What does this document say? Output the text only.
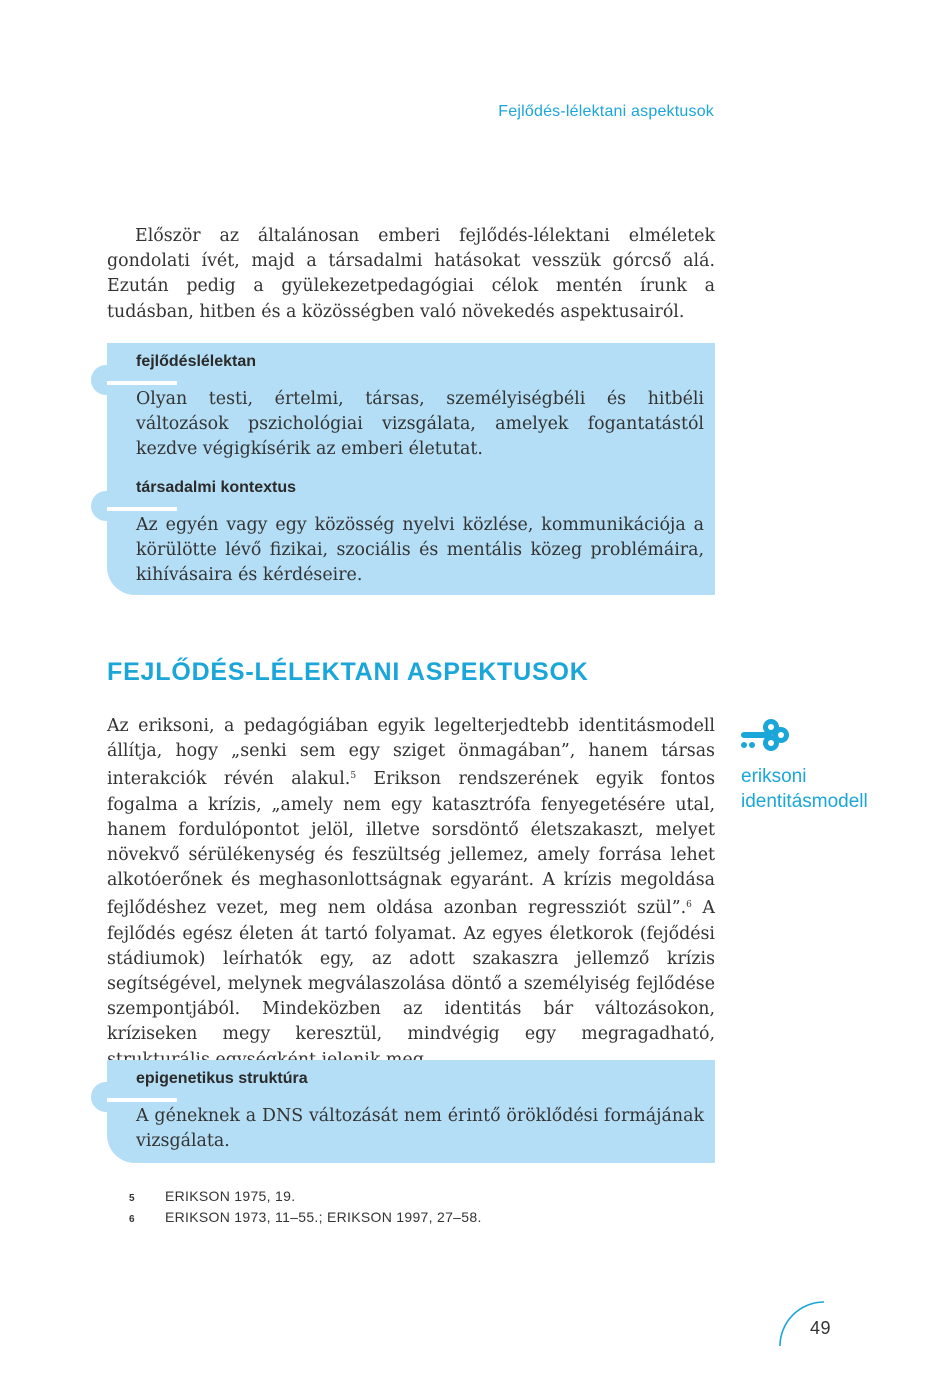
Fejlődés-lélektani aspektusok

Először az általánosan emberi fejlődés-lélektani elméletek gondolati ívét, majd a társadalmi hatásokat vesszük górcső alá. Ezután pedig a gyülekezetpedagógiai célok mentén írunk a tudásban, hitben és a közösségben való növekedés aspektusairól.

fejlődéslélektan

Olyan testi, értelmi, társas, személyiségbéli és hitbéli változások pszichológiai vizsgálata, amelyek fogantatástól kezdve végigkísérik az emberi életutat.

társadalmi kontextus

Az egyén vagy egy közösség nyelvi közlése, kommunikációja a körülötte lévő fizikai, szociális és mentális közeg problémáira, kihívásaira és kérdéseire.

FEJLŐDÉS-LÉLEKTANI ASPEKTUSOK

Az eriksoni, a pedagógiában egyik legelterjedtebb identitásmodell állítja, hogy „senki sem egy sziget önmagában”, hanem társas interakciók révén alakul.$^5$ Erikson rendszerének egyik fontos fogalma a krízis, „amely nem egy katasztrófa fenyegetésére utal, hanem fordulópontot jelöl, illetve sorsdöntő életszakaszt, melyet növekvő sérülékenység és feszültség jellemez, amely forrása lehet alkotóerőnek és meghasonlottságnak egyaránt. A krízis megoldása fejlődéshez vezet, meg nem oldása azonban regressziót szül”.$^6$ A fejlődés egész életen át tartó folyamat. Az egyes életkorok (fejődési stádiumok) leírhatók egy, az adott szakaszra jellemző krízis segítségével, melynek megválaszolása döntő a személyiség fejlődése szempontjából. Mindeközben az identitás bár változásokon, kríziseken megy keresztül, mindvégig egy megragadható,

eriksoni
identitásmodell
epigenetikus struktúra

A géneknek a DNS változását nem érintő öröklődési formájának vizsgálata.

5	ERIKSON 1975, 19.
6	ERIKSON 1973, 11–55.; ERIKSON 1997, 27–58.
49
